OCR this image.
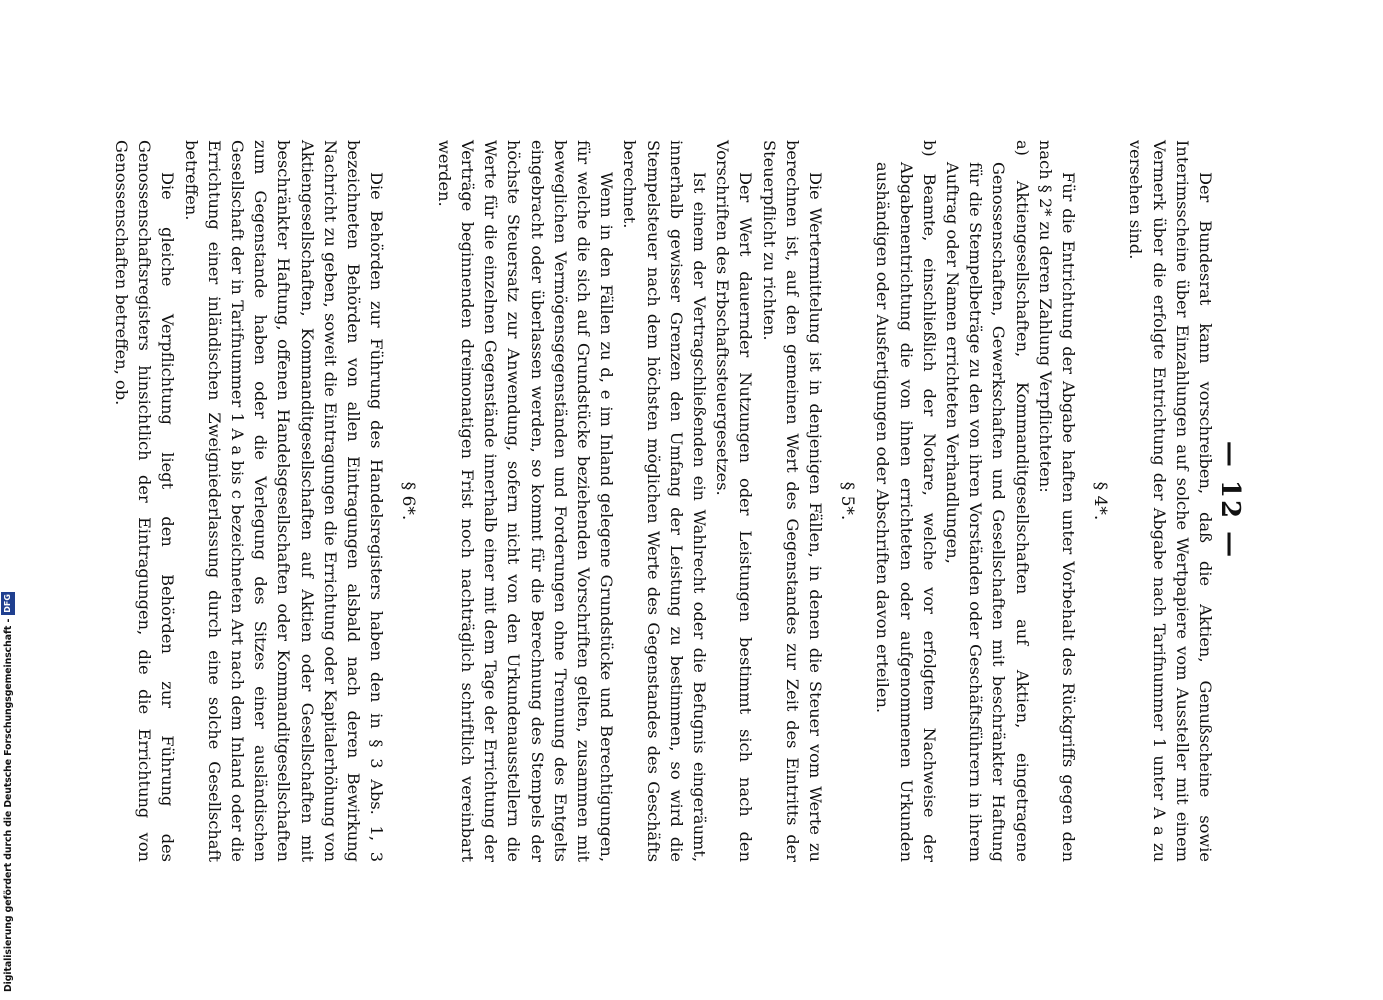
— 12 —

Der Bundesrat kann vorschreiben, daß die Aktien, Genußscheine sowie Interimsscheine über Einzahlungen auf solche Wertpapiere vom Aussteller mit einem Vermerk über die erfolgte Entrichtung der Abgabe nach Tarifnummer 1 unter A a zu versehen sind.

§ 4*.

Für die Entrichtung der Abgabe haften unter Vorbehalt des Rückgriffs gegen den nach § 2* zu deren Zahlung Verpflichteten:

a) Aktiengesellschaften, Kommanditgesellschaften auf Aktien, eingetragene Genossenschaften, Gewerkschaften und Gesellschaften mit beschränkter Haftung für die Stempelbeträge zu den von ihren Vorständen oder Geschäftsführern in ihrem Auftrag oder Namen errichteten Verhandlungen,

b) Beamte, einschließlich der Notare, welche vor erfolgtem Nachweise der Abgabenentrichtung die von ihnen errichteten oder aufgenommenen Urkunden aushändigen oder Ausfertigungen oder Abschriften davon erteilen.

§ 5*.

Die Wertermittelung ist in denjenigen Fällen, in denen die Steuer vom Werte zu berechnen ist, auf den gemeinen Wert des Gegenstandes zur Zeit des Eintritts der Steuerpflicht zu richten.

Der Wert dauernder Nutzungen oder Leistungen bestimmt sich nach den Vorschriften des Erbschaftssteuergesetzes.

Ist einem der Vertragschließenden ein Wahlrecht oder die Befugnis eingeräumt, innerhalb gewisser Grenzen den Umfang der Leistung zu bestimmen, so wird die Stempelsteuer nach dem höchsten möglichen Werte des Gegenstandes des Geschäfts berechnet.

Wenn in den Fällen zu d, e im Inland gelegene Grundstücke und Berechtigungen, für welche die sich auf Grundstücke beziehenden Vorschriften gelten, zusammen mit beweglichen Vermögensgegenständen und Forderungen ohne Trennung des Entgelts eingebracht oder überlassen werden, so kommt für die Berechnung des Stempels der höchste Steuersatz zur Anwendung, sofern nicht von den Urkundenausstellern die Werte für die einzelnen Gegenstände innerhalb einer mit dem Tage der Errichtung der Verträge beginnenden dreimonatigen Frist noch nachträglich schriftlich vereinbart werden.

§ 6*.

Die Behörden zur Führung des Handelsregisters haben den in § 3 Abs. 1, 3 bezeichneten Behörden von allen Eintragungen alsbald nach deren Bewirkung Nachricht zu geben, soweit die Eintragungen die Errichtung oder Kapitalerhöhung von Aktiengesellschaften, Kommanditgesellschaften auf Aktien oder Gesellschaften mit beschränkter Haftung, offenen Handelsgesellschaften oder Kommanditgesellschaften zum Gegenstande haben oder die Verlegung des Sitzes einer ausländischen Gesellschaft der in Tarifnummer 1 A a bis c bezeichneten Art nach dem Inland oder die Errichtung einer inländischen Zweigniederlassung durch eine solche Gesellschaft betreffen.

Die gleiche Verpflichtung liegt den Behörden zur Führung des Genossenschaftsregisters hinsichtlich der Eintragungen, die die Errichtung von Genossenschaften betreffen, ob.

Digitalisierung gefördert durch die Deutsche Forschungsgemeinschaft -
DFG
